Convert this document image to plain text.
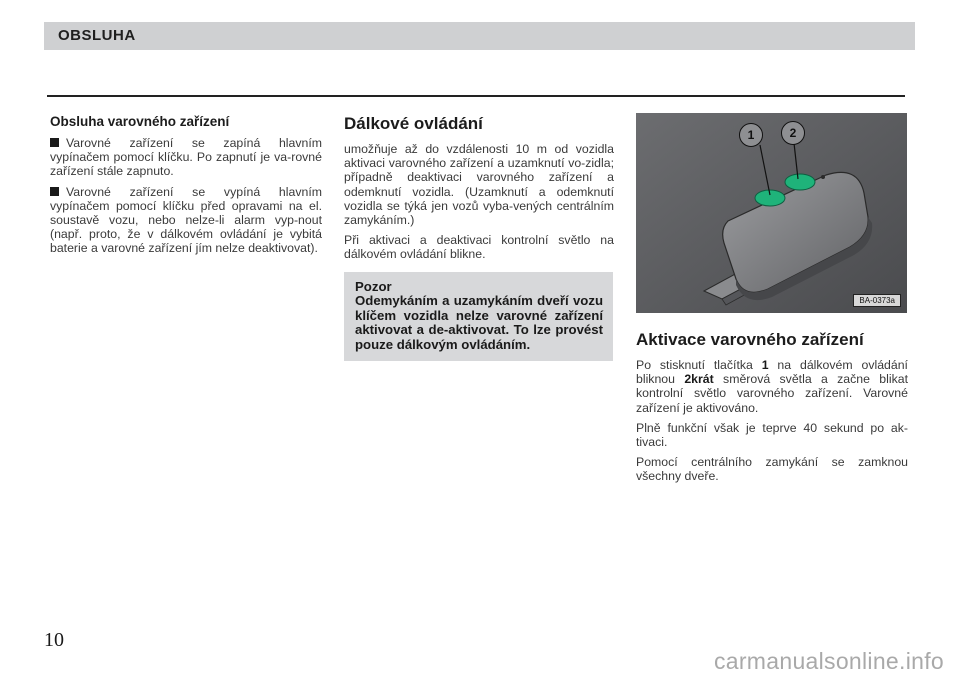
OBSLUHA
Obsluha varovného zařízení

Varovné zařízení se zapíná hlavním vypínačem pomocí klíčku. Po zapnutí je va-rovné zařízení stále zapnuto.

Varovné zařízení se vypíná hlavním vypínačem pomocí klíčku před opravami na el. soustavě vozu, nebo nelze-li alarm vyp-nout (např. proto, že v dálkovém ovládání je vybitá baterie a varovné zařízení jím nelze deaktivovat).

Dálkové ovládání

umožňuje až do vzdálenosti 10 m od vozidla aktivaci varovného zařízení a uzamknutí vo-zidla; případně deaktivaci varovného zařízení a odemknutí vozidla. (Uzamknutí a odemknutí vozidla se týká jen vozů vyba-vených centrálním zamykáním.)

Při aktivaci a deaktivaci kontrolní světlo na dálkovém ovládání blikne.

Pozor
Odemykáním a uzamykáním dveří vozu klíčem vozidla nelze varovné zařízení aktivovat a de-aktivovat. To lze provést pouze dálkovým ovládáním.
1	2
BA-0373a
Aktivace varovného zařízení

Po stisknutí tlačítka 1 na dálkovém ovládání bliknou 2krát směrová světla a začne blikat kontrolní světlo varovného zařízení. Varovné zařízení je aktivováno.

Plně funkční však je teprve 40 sekund po ak-tivaci.

Pomocí centrálního zamykání se zamknou všechny dveře.

10
carmanualsonline.info
